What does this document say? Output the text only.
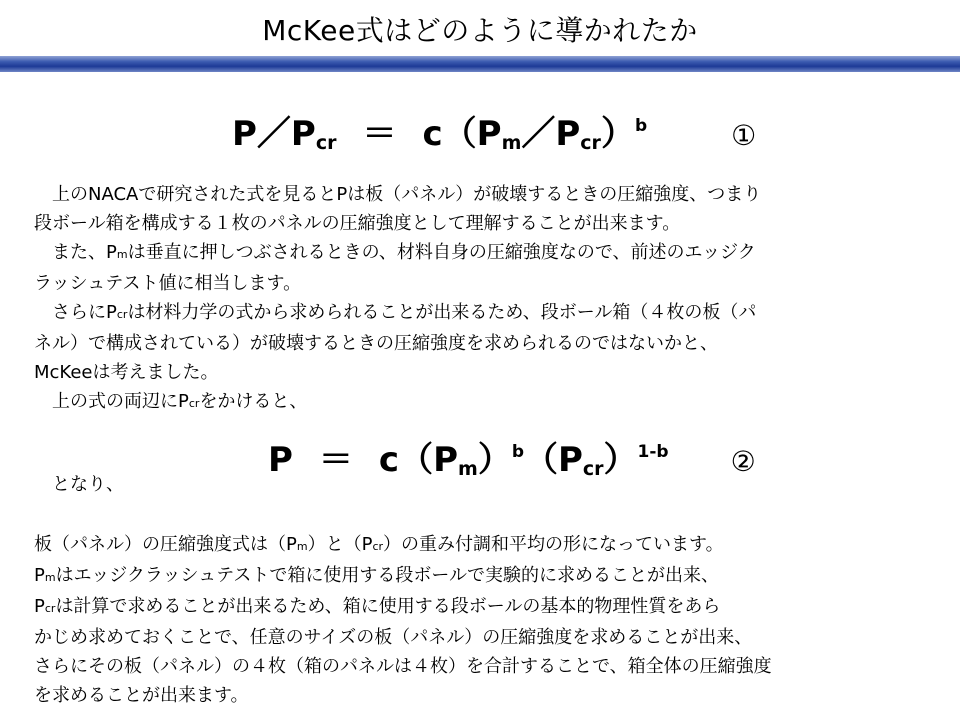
McKee式はどのように導かれたか
$P/P_{cr}$ ＝ $c(P_m/P_{cr})^b$	①
　上のNACAで研究された式を見るとPは板（パネル）が破壊するときの圧縮強度、つまり
段ボール箱を構成する１枚のパネルの圧縮強度として理解することが出来ます。
　また、Pmは垂直に押しつぶされるときの、材料自身の圧縮強度なので、前述のエッジク
ラッシュテスト値に相当します。
　さらにPcrは材料力学の式から求められることが出来るため、段ボール箱（４枚の板（パ
ネル）で構成されている）が破壊するときの圧縮強度を求められるのではないかと、
McKeeは考えました。
　上の式の両辺にPcrをかけると、
$P = c(P_m)^b(P_{cr})^{1-b}$ ②
　となり、
板（パネル）の圧縮強度式は（Pm）と（Pcr）の重み付調和平均の形になっています。
Pmはエッジクラッシュテストで箱に使用する段ボールで実験的に求めることが出来、
Pcrは計算で求めることが出来るため、箱に使用する段ボールの基本的物理性質をあら
かじめ求めておくことで、任意のサイズの板（パネル）の圧縮強度を求めることが出来、
さらにその板（パネル）の４枚（箱のパネルは４枚）を合計することで、箱全体の圧縮強度
を求めることが出来ます。
